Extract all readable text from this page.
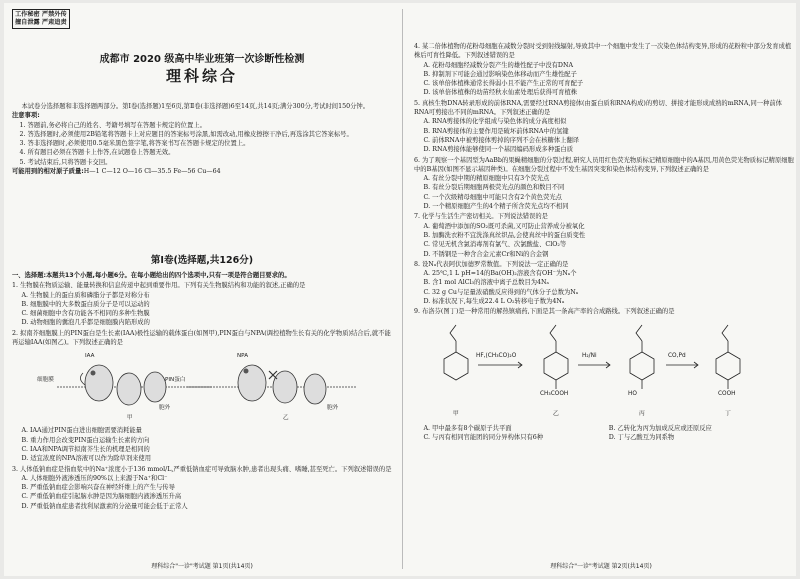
工作秘密 严禁外传
擅自泄露 严肃追责
成都市 2020 级高中毕业班第一次诊断性检测
理科综合

本试卷分选择题和非选择题两部分。第Ⅰ卷(选择题)1至6页,第Ⅱ卷(非选择题)6至14页,共14页;满分300分,考试时间150分钟。

注意事项:

1. 答题前,务必将自己的姓名、考籍号填写在答题卡规定的位置上。

2. 答选择题时,必须使用2B铅笔将答题卡上对应题目的答案标号涂黑,如需改动,用橡皮擦擦干净后,再选涂其它答案标号。

3. 答非选择题时,必须使用0.5毫米黑色签字笔,将答案书写在答题卡规定的位置上。

4. 所有题目必须在答题卡上作答,在试题卷上答题无效。

5. 考试结束后,只将答题卡交回。

可能用到的相对原子质量:H—1 C—12 O—16 Cl—35.5 Fe—56 Cu—64

第Ⅰ卷(选择题,共126分)

一、选择题:本题共13个小题,每小题6分。在每小题给出的四个选项中,只有一项是符合题目要求的。

1. 生物膜在物质运输、能量转换和信息传递中起到重要作用。下列有关生物膜结构和功能的叙述,正确的是

A. 生物膜上的蛋白质和磷脂分子都是对称分布

B. 细胞膜中的大多数蛋白质分子是可以运动的

C. 细菌细胞中含有功能各不相同的多种生物膜

D. 动物细胞的囊泡几乎都是细胞膜内陷形成的

2. 拟南芥细胞膜上的PIN蛋白是生长素(IAA)极性运输的载体蛋白(如图甲),PIN蛋白与NPA(调控植物生长有关的化学物质)结合后,就不能再运输IAA(如图乙)。下列叙述正确的是

细胞膜
IAA
PIN蛋白
胞外
NPA
胞外
甲	乙

A. IAA通过PIN蛋白进出细胞需要消耗能量

B. 重力作用会改变PIN蛋白运输生长素的方向

C. IAA和NPA调节拟南芥生长的机理是相同的

D. 适宜浓度的NPA溶液可以作为除草剂来使用

3. 人体低钠血症是指血浆中的Na⁺浓度小于136 mmol/L,严重低钠血症可导致脑水肿,患者出现头痛、嗜睡,甚至死亡。下列叙述错误的是

A. 人体细胞外液渗透压的90%以上来源于Na⁺和Cl⁻

B. 严重低钠血症会影响兴奋在神经纤维上的产生与传导

C. 严重低钠血症引起脑水肿是因为脑细胞内液渗透压升高

D. 严重低钠血症患者找利尿激素的分泌量可能会低于正常人

理科综合"一诊"考试题 第1页(共14页)

4. 某二倍体植物的花粉母细胞在减数分裂时受到射线辐射,导致其中一个细胞中发生了一次染色体结构变异,形成的花粉粒中部分发育成植株后可育性降低。下列叙述错误的是

A. 花粉母细胞经减数分裂产生的雄性配子中没有DNA

B. 抑制剂下可能会通过影响染色体移动而产生雄性配子

C. 该单倍体植株通常长得弱小且不能产生正常的可育配子

D. 该单倍体植株的幼苗经秋水仙素处理后获得可育植株

5. 真核生物DNA转录形成的前体RNA,需要经过RNA剪接体(由蛋白质和RNA构成)的剪切、拼接才能形成成熟的mRNA,同一种前体RNA可剪接出不同的mRNA。下列叙述正确的是

A. RNA剪接体的化学组成与染色体的成分高度相似

B. RNA剪接体的主要作用是破坏前体RNA中的氢键

C. 前体RNA中被剪接体剪掉的序列不会在核糖体上翻译

D. RNA剪接体能够使同一个基因编码形成多种蛋白质

6. 为了观察一个基因型为AaBb的果蝇精细胞的分裂过程,研究人员用红色荧光物质标记精原细胞中的A基因,用黄色荧光物质标记精原细胞中的B基因(如图不显示基因种类)。在细胞分裂过程中不发生基因突变和染色体结构变异,下列叙述正确的是

A. 有丝分裂中期的精原细胞中只有3个荧光点

B. 有丝分裂后期细胞两极荧光点的颜色和数目不同

C. 一个次级精母细胞中可能只含有2个黄色荧光点

D. 一个精原细胞产生的4个精子所含荧光点均不相同

7. 化学与生活生产密切相关。下列说法错误的是

A. 葡萄酒中添加的SO₂既可杀菌,又可防止营养成分被氧化

B. 加酶洗衣粉不宜洗涤真丝织品,会使真丝中的蛋白质变性

C. 常见无机含氯消毒剂有氯气、次氯酸盐、ClO₂等

D. 不锈钢是一种含合金元素Cr和Ni的合金钢

8. 设Nₐ代表阿伏加德罗常数值。下列说法一定正确的是

A. 25℃,1 L pH=14的Ba(OH)₂溶液含有OH⁻为Nₐ个

B. 含1 mol AlCl₃的溶液中离子总数目为4Nₐ

C. 32 g Cu与足量浓硝酸反应得到的气体分子总数为Nₐ

D. 标准状况下,每生成22.4 L O₂转移电子数为4Nₐ

9. 布洛芬(图丁)是一种常用的解热镇痛药,下面是其一条高产率的合成路线。下列叙述正确的是

HF,(CH₃CO)₂O	H₂/Ni	CO,Pd
CH₃COOH	HO	COOH
甲	乙	丙	丁
A. 甲中最多有8个碳原子共平面	B. 乙转化为丙为加成反应或还原反应
C. 与丙有相同官能团的同分异构体只有6种	D. 丁与乙酸互为同系物
理科综合"一诊"考试题 第2页(共14页)
